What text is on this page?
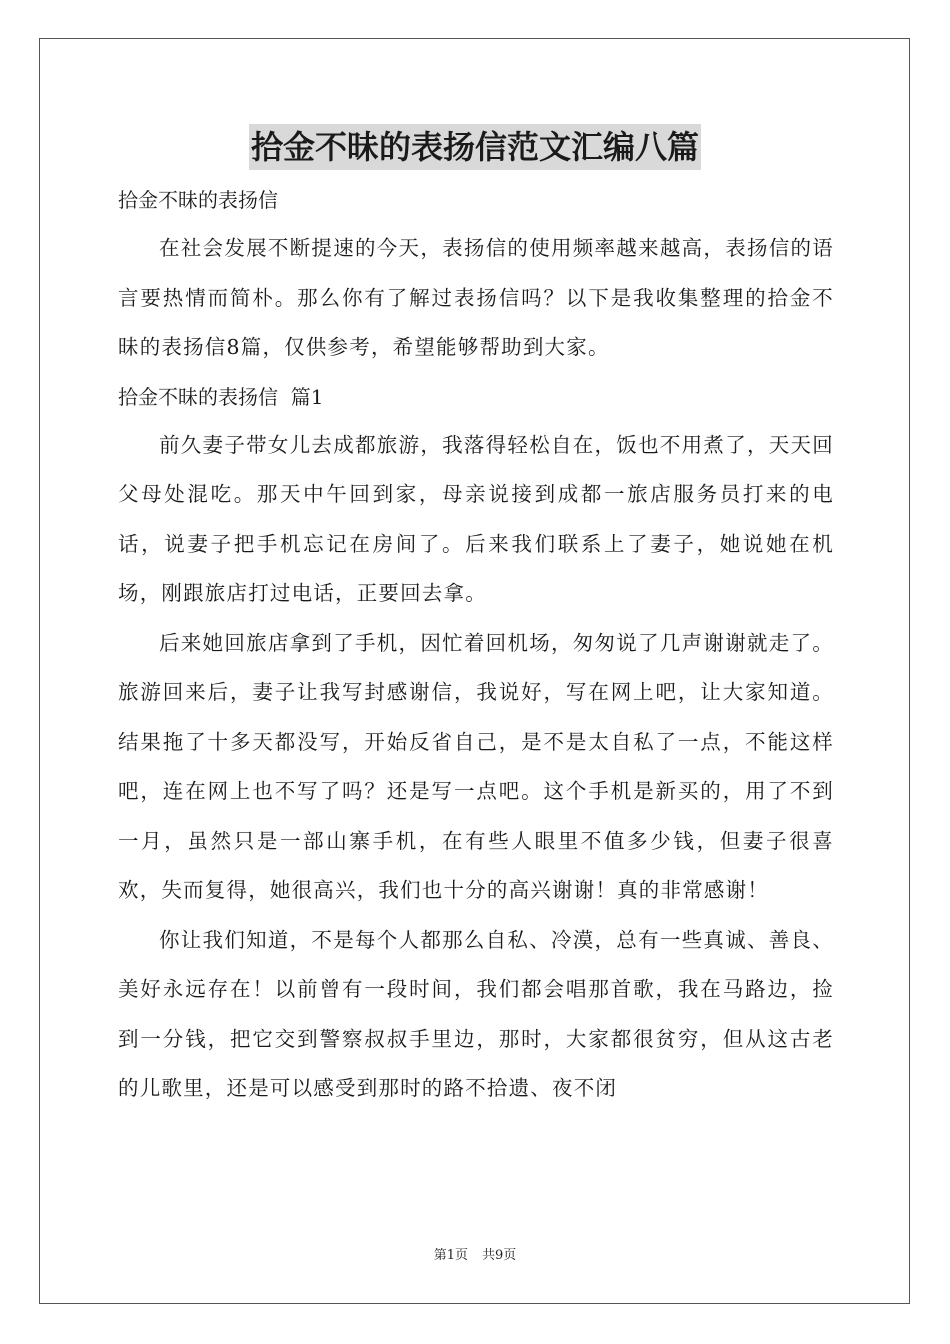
拾金不昧的表扬信范文汇编八篇
拾金不昧的表扬信

在社会发展不断提速的今天，表扬信的使用频率越来越高，表扬信的语言要热情而简朴。那么你有了解过表扬信吗？以下是我收集整理的拾金不昧的表扬信8篇，仅供参考，希望能够帮助到大家。

拾金不昧的表扬信  篇1

前久妻子带女儿去成都旅游，我落得轻松自在，饭也不用煮了，天天回父母处混吃。那天中午回到家，母亲说接到成都一旅店服务员打来的电话，说妻子把手机忘记在房间了。后来我们联系上了妻子，她说她在机场，刚跟旅店打过电话，正要回去拿。

后来她回旅店拿到了手机，因忙着回机场，匆匆说了几声谢谢就走了。旅游回来后，妻子让我写封感谢信，我说好，写在网上吧，让大家知道。结果拖了十多天都没写，开始反省自己，是不是太自私了一点，不能这样吧，连在网上也不写了吗？还是写一点吧。这个手机是新买的，用了不到一月，虽然只是一部山寨手机，在有些人眼里不值多少钱，但妻子很喜欢，失而复得，她很高兴，我们也十分的高兴谢谢！真的非常感谢！

你让我们知道，不是每个人都那么自私、冷漠，总有一些真诚、善良、美好永远存在！以前曾有一段时间，我们都会唱那首歌，我在马路边，捡到一分钱，把它交到警察叔叔手里边，那时，大家都很贫穷，但从这古老的儿歌里，还是可以感受到那时的路不拾遗、夜不闭

第1页 共9页
